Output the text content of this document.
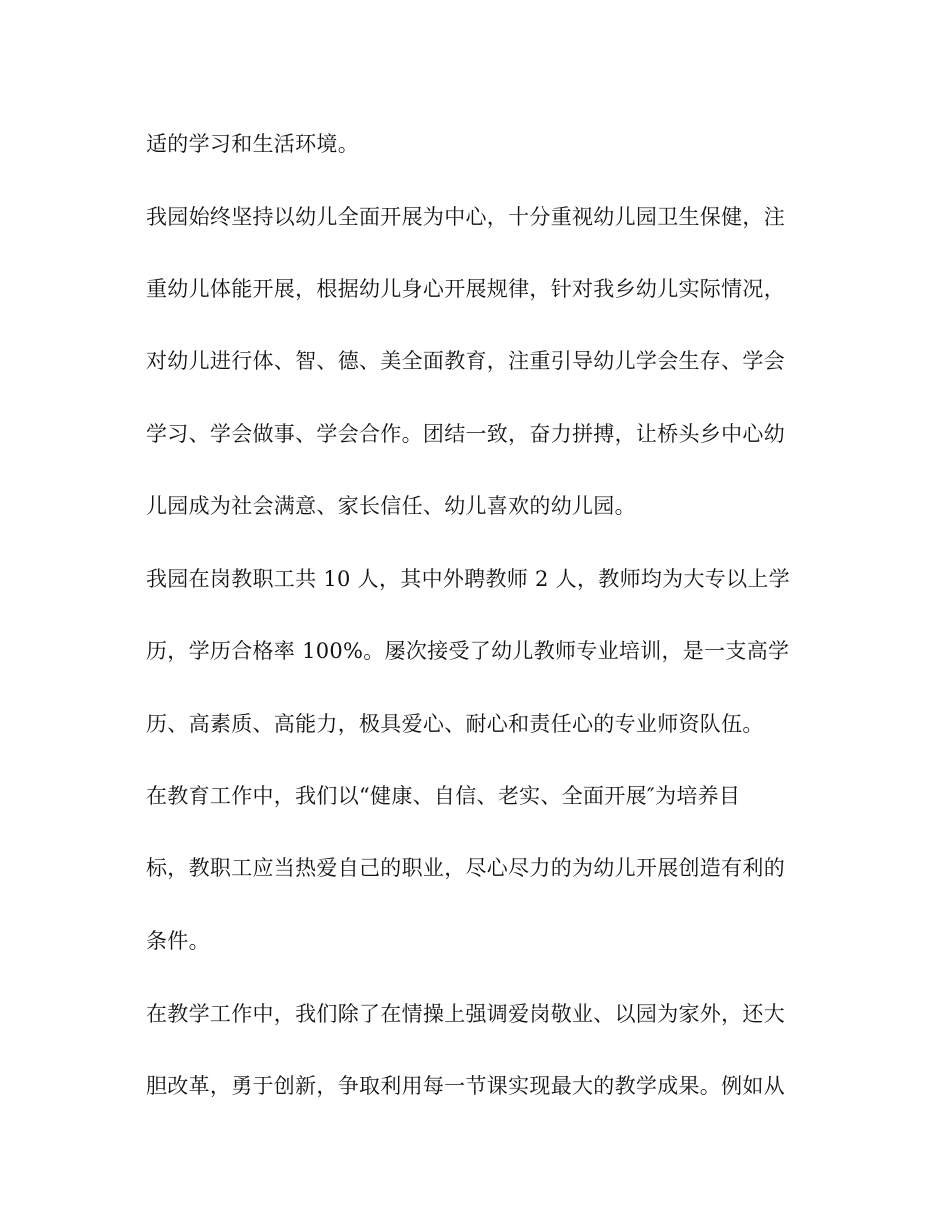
适的学习和生活环境。
我园始终坚持以幼儿全面开展为中心，十分重视幼儿园卫生保健，注
重幼儿体能开展，根据幼儿身心开展规律，针对我乡幼儿实际情况，
对幼儿进行体、智、德、美全面教育，注重引导幼儿学会生存、学会
学习、学会做事、学会合作。团结一致，奋力拼搏，让桥头乡中心幼
儿园成为社会满意、家长信任、幼儿喜欢的幼儿园。
我园在岗教职工共 10 人，其中外聘教师 2 人，教师均为大专以上学
历，学历合格率 100%。屡次接受了幼儿教师专业培训，是一支高学
历、高素质、高能力，极具爱心、耐心和责任心的专业师资队伍。
在教育工作中，我们以“健康、自信、老实、全面开展″为培养目
标，教职工应当热爱自己的职业，尽心尽力的为幼儿开展创造有利的
条件。
在教学工作中，我们除了在情操上强调爱岗敬业、以园为家外，还大
胆改革，勇于创新，争取利用每一节课实现最大的教学成果。例如从
